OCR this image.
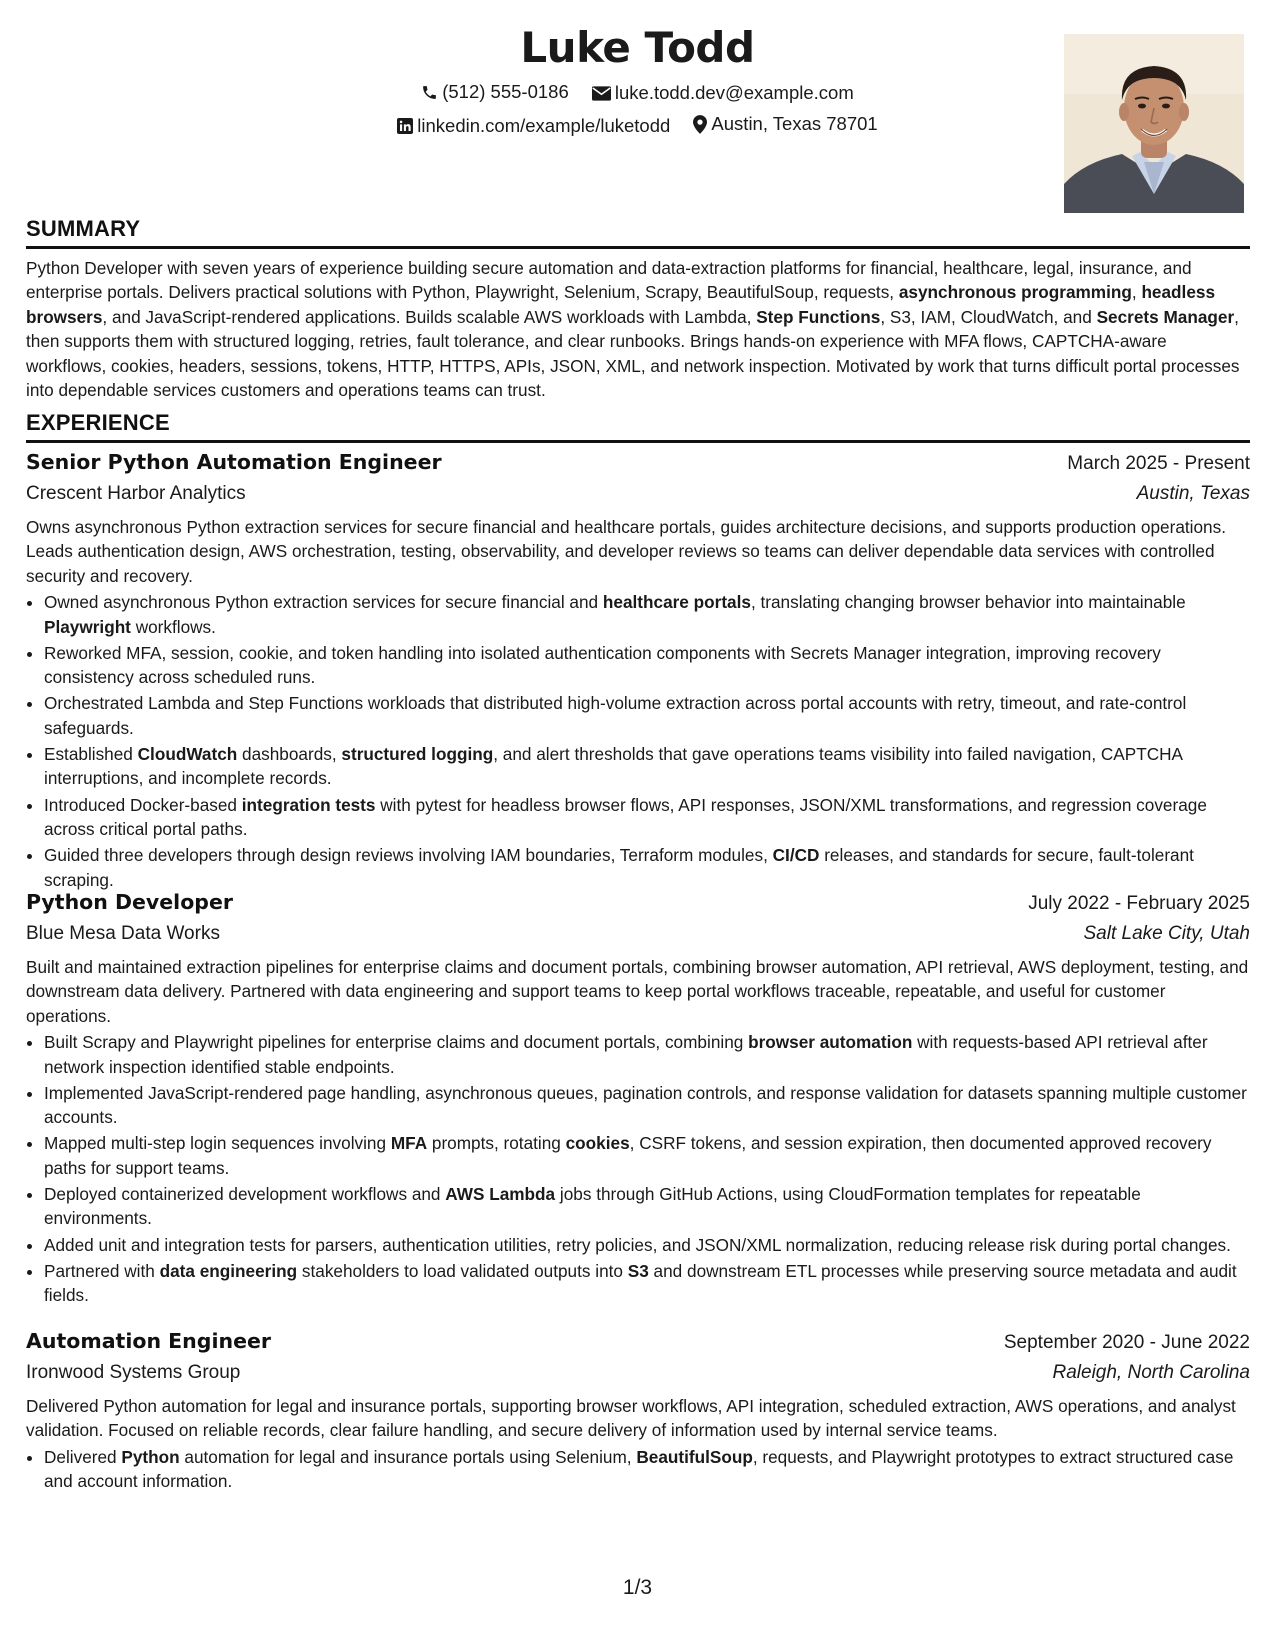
Luke Todd
(512) 555-0186
luke.todd.dev@example.com
linkedin.com/example/luketodd
Austin, Texas 78701
SUMMARY

Python Developer with seven years of experience building secure automation and data-extraction platforms for financial, healthcare, legal, insurance, and enterprise portals. Delivers practical solutions with Python, Playwright, Selenium, Scrapy, BeautifulSoup, requests, asynchronous programming, headless browsers, and JavaScript-rendered applications. Builds scalable AWS workloads with Lambda, Step Functions, S3, IAM, CloudWatch, and Secrets Manager, then supports them with structured logging, retries, fault tolerance, and clear runbooks. Brings hands-on experience with MFA flows, CAPTCHA-aware workflows, cookies, headers, sessions, tokens, HTTP, HTTPS, APIs, JSON, XML, and network inspection. Motivated by work that turns difficult portal processes into dependable services customers and operations teams can trust.

EXPERIENCE
Senior Python Automation Engineer	March 2025 - Present
Crescent Harbor Analytics	Austin, Texas

Owns asynchronous Python extraction services for secure financial and healthcare portals, guides architecture decisions, and supports production operations. Leads authentication design, AWS orchestration, testing, observability, and developer reviews so teams can deliver dependable data services with controlled security and recovery.

• Owned asynchronous Python extraction services for secure financial and healthcare portals, translating changing browser behavior into maintainable Playwright workflows.
• Reworked MFA, session, cookie, and token handling into isolated authentication components with Secrets Manager integration, improving recovery consistency across scheduled runs.
• Orchestrated Lambda and Step Functions workloads that distributed high-volume extraction across portal accounts with retry, timeout, and rate-control safeguards.
• Established CloudWatch dashboards, structured logging, and alert thresholds that gave operations teams visibility into failed navigation, CAPTCHA interruptions, and incomplete records.
• Introduced Docker-based integration tests with pytest for headless browser flows, API responses, JSON/XML transformations, and regression coverage across critical portal paths.
• Guided three developers through design reviews involving IAM boundaries, Terraform modules, CI/CD releases, and standards for secure, fault-tolerant scraping.
Python Developer	July 2022 - February 2025
Blue Mesa Data Works	Salt Lake City, Utah

Built and maintained extraction pipelines for enterprise claims and document portals, combining browser automation, API retrieval, AWS deployment, testing, and downstream data delivery. Partnered with data engineering and support teams to keep portal workflows traceable, repeatable, and useful for customer operations.

• Built Scrapy and Playwright pipelines for enterprise claims and document portals, combining browser automation with requests-based API retrieval after network inspection identified stable endpoints.
• Implemented JavaScript-rendered page handling, asynchronous queues, pagination controls, and response validation for datasets spanning multiple customer accounts.
• Mapped multi-step login sequences involving MFA prompts, rotating cookies, CSRF tokens, and session expiration, then documented approved recovery paths for support teams.
• Deployed containerized development workflows and AWS Lambda jobs through GitHub Actions, using CloudFormation templates for repeatable environments.
• Added unit and integration tests for parsers, authentication utilities, retry policies, and JSON/XML normalization, reducing release risk during portal changes.
• Partnered with data engineering stakeholders to load validated outputs into S3 and downstream ETL processes while preserving source metadata and audit fields.
Automation Engineer	September 2020 - June 2022
Ironwood Systems Group	Raleigh, North Carolina

Delivered Python automation for legal and insurance portals, supporting browser workflows, API integration, scheduled extraction, AWS operations, and analyst validation. Focused on reliable records, clear failure handling, and secure delivery of information used by internal service teams.

• Delivered Python automation for legal and insurance portals using Selenium, BeautifulSoup, requests, and Playwright prototypes to extract structured case and account information.
1/3
